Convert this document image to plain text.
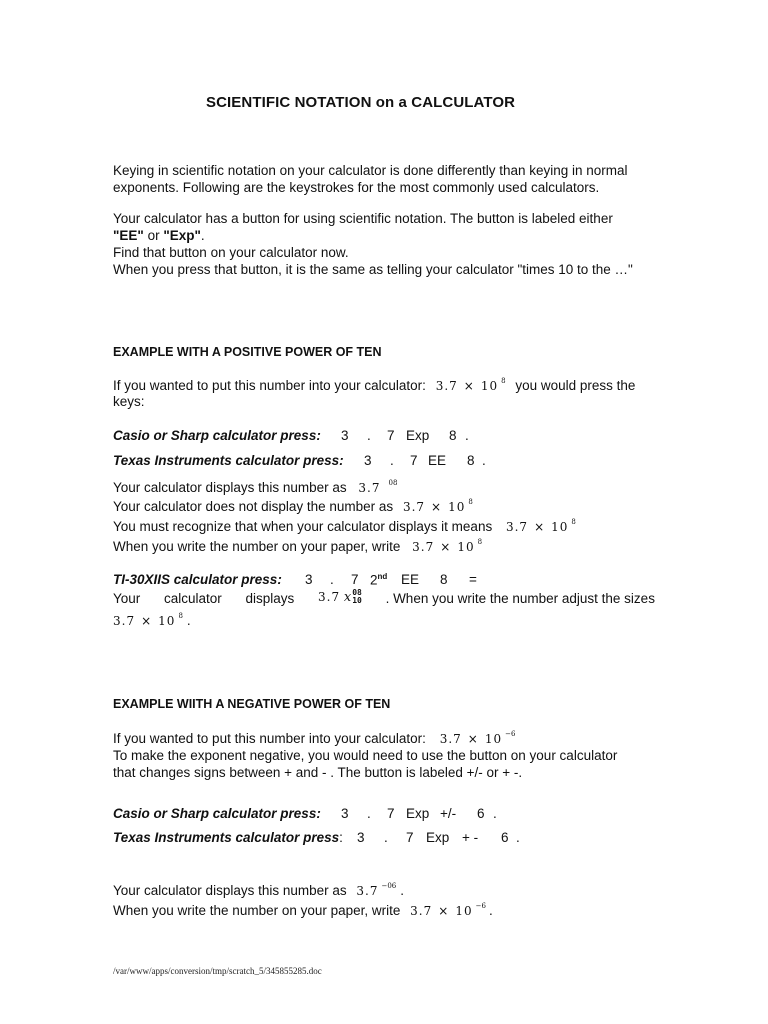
SCIENTIFIC NOTATION on a CALCULATOR
Keying in scientific notation on your calculator is done differently than keying in normal
exponents. Following are the keystrokes for the most commonly used calculators.
Your calculator has a button for using scientific notation. The button is labeled either
"EE" or "Exp".
Find that button on your calculator now.
When you press that button, it is the same as telling your calculator "times 10 to the …"
EXAMPLE WITH A POSITIVE POWER OF TEN
If you wanted to put this number into your calculator: 3.7 × 10 $^8$ you would press the
keys:
Casio or Sharp calculator press: 3 . 7 Exp 8 .
Texas Instruments calculator press: 3 . 7 EE 8 .
Your calculator displays this number as 3.7 $^{08}$
Your calculator does not display the number as 3.7 × 10 $^8$
You must recognize that when your calculator displays it means 3.7 × 10 $^8$
When you write the number on your paper, write 3.7 × 10 $^8$
TI-30XIIS calculator press: 3 . 7 2nd EE 8 =
Your calculator displays 3.7 x08
10 . When you write the number adjust the sizes
3.7 × 10 $^8$ .
EXAMPLE WIITH A NEGATIVE POWER OF TEN
If you wanted to put this number into your calculator: 3.7 × 10 $^{-6}$
To make the exponent negative, you would need to use the button on your calculator
that changes signs between + and - . The button is labeled +/- or + -.
Casio or Sharp calculator press: 3 . 7 Exp +/- 6 .
Texas Instruments calculator press: 3 . 7 Exp + - 6 .
Your calculator displays this number as 3.7 $^{-06}$ .
When you write the number on your paper, write 3.7 × 10 $^{-6}$ .
/var/www/apps/conversion/tmp/scratch_5/345855285.doc
